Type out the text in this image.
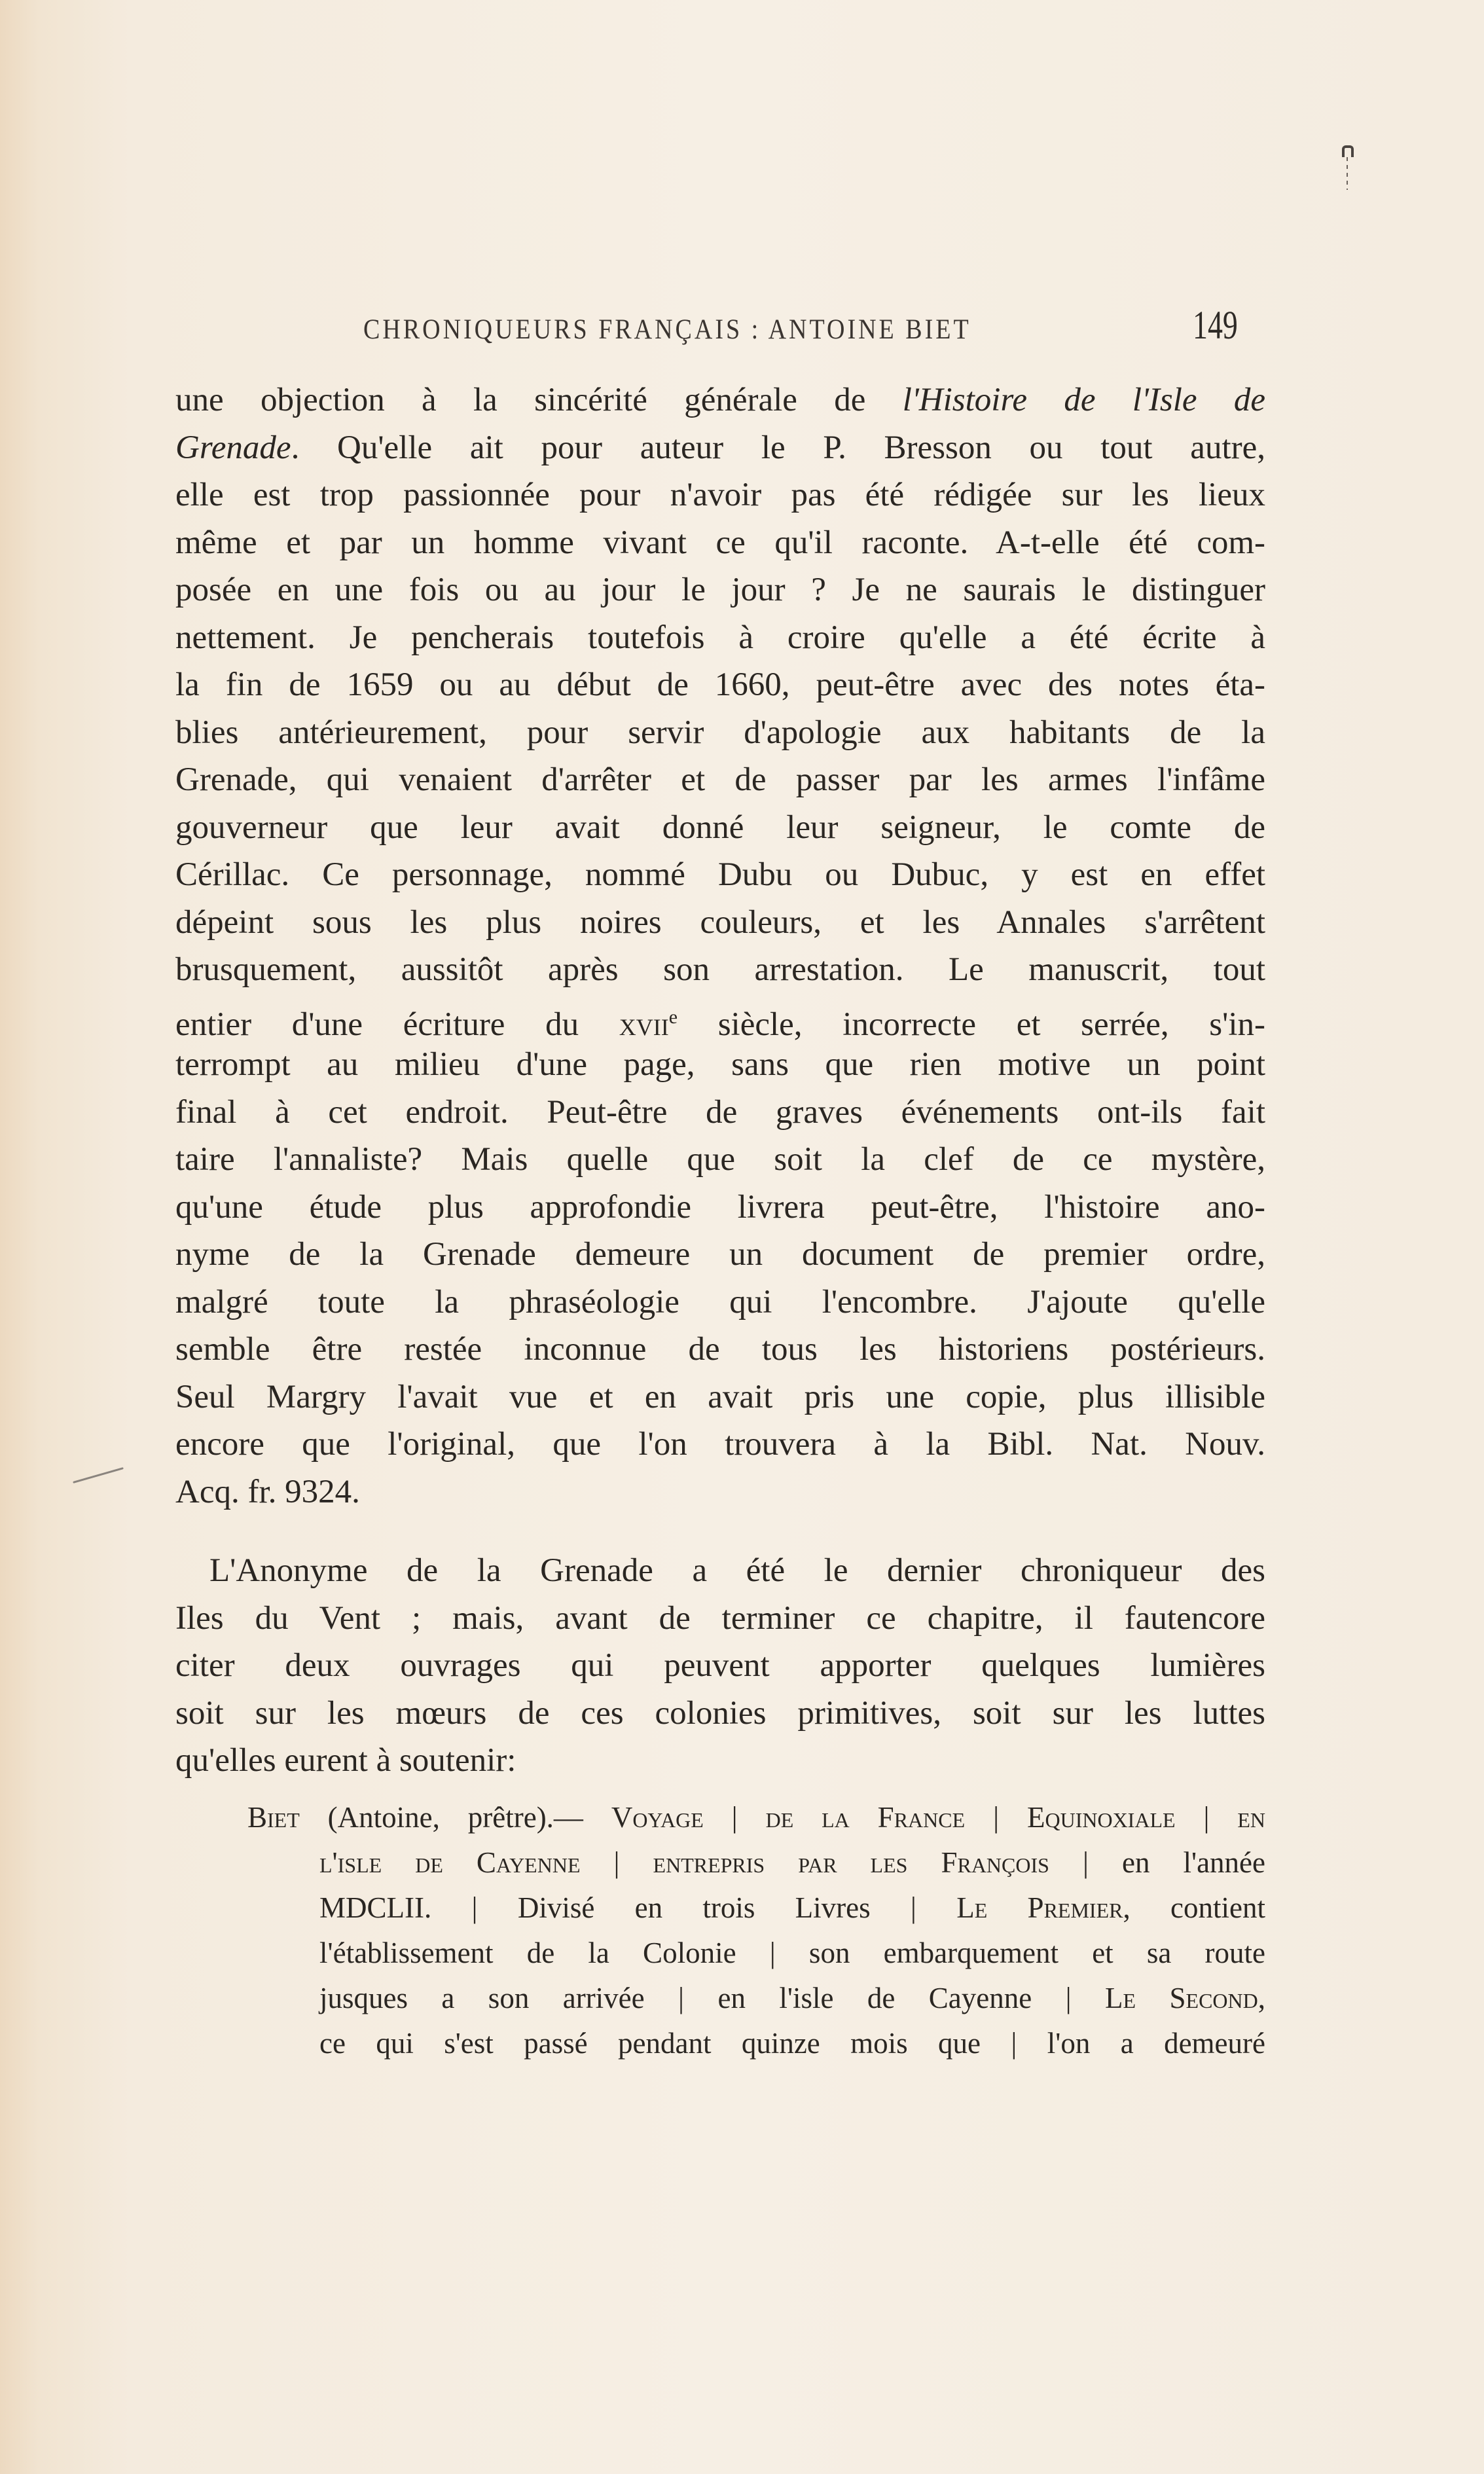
CHRONIQUEURS FRANÇAIS : ANTOINE BIET	149
une objection à la sincérité générale de l'Histoire de l'Isle de
Grenade. Qu'elle ait pour auteur le P. Bresson ou tout autre,
elle est trop passionnée pour n'avoir pas été rédigée sur les lieux
même et par un homme vivant ce qu'il raconte. A-t-elle été com-
posée en une fois ou au jour le jour ? Je ne saurais le distinguer
nettement. Je pencherais toutefois à croire qu'elle a été écrite à
la fin de 1659 ou au début de 1660, peut-être avec des notes éta-
blies antérieurement, pour servir d'apologie aux habitants de la
Grenade, qui venaient d'arrêter et de passer par les armes l'infâme
gouverneur que leur avait donné leur seigneur, le comte de
Cérillac. Ce personnage, nommé Dubu ou Dubuc, y est en effet
dépeint sous les plus noires couleurs, et les Annales s'arrêtent
brusquement, aussitôt après son arrestation. Le manuscrit, tout
entier d'une écriture du xvii$^e$ siècle, incorrecte et serrée, s'in-
terrompt au milieu d'une page, sans que rien motive un point
final à cet endroit. Peut-être de graves événements ont-ils fait
taire l'annaliste? Mais quelle que soit la clef de ce mystère,
qu'une étude plus approfondie livrera peut-être, l'histoire ano-
nyme de la Grenade demeure un document de premier ordre,
malgré toute la phraséologie qui l'encombre. J'ajoute qu'elle
semble être restée inconnue de tous les historiens postérieurs.
Seul Margry l'avait vue et en avait pris une copie, plus illisible
encore que l'original, que l'on trouvera à la Bibl. Nat. Nouv.
Acq. fr. 9324.
L'Anonyme de la Grenade a été le dernier chroniqueur des
Iles du Vent ; mais, avant de terminer ce chapitre, il fautencore
citer deux ouvrages qui peuvent apporter quelques lumières
soit sur les mœurs de ces colonies primitives, soit sur les luttes
qu'elles eurent à soutenir:
Biet (Antoine, prêtre).— Voyage | de la France | Equinoxiale | en
l'isle de Cayenne | entrepris par les François | en l'année
MDCLII. | Divisé en trois Livres | Le Premier, contient
l'établissement de la Colonie | son embarquement et sa route
jusques a son arrivée | en l'isle de Cayenne | Le Second,
ce qui s'est passé pendant quinze mois que | l'on a demeuré
